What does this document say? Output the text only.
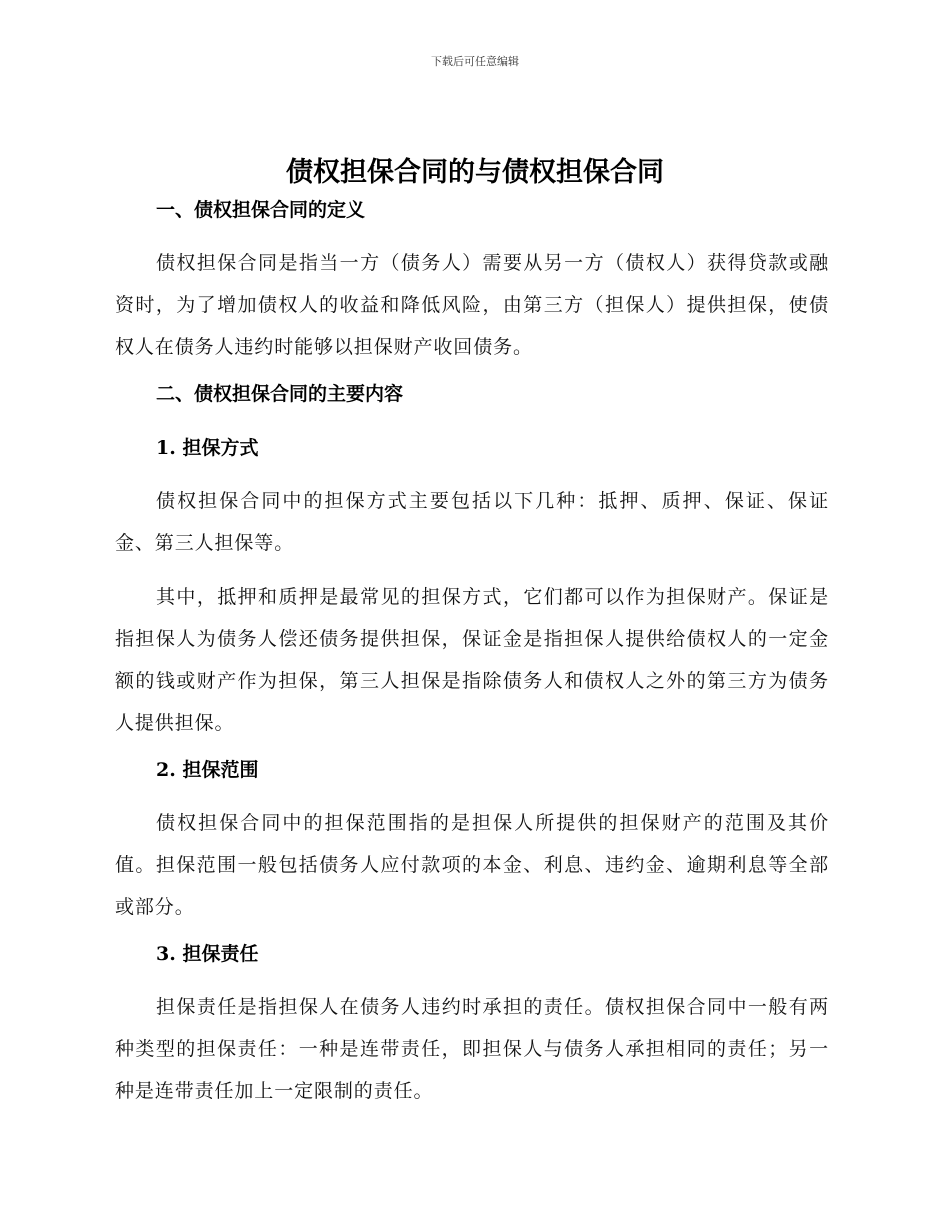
下载后可任意编辑
债权担保合同的与债权担保合同
一、债权担保合同的定义

债权担保合同是指当一方（债务人）需要从另一方（债权人）获得贷款或融资时，为了增加债权人的收益和降低风险，由第三方（担保人）提供担保，使债权人在债务人违约时能够以担保财产收回债务。

二、债权担保合同的主要内容
1. 担保方式

债权担保合同中的担保方式主要包括以下几种：抵押、质押、保证、保证金、第三人担保等。

其中，抵押和质押是最常见的担保方式，它们都可以作为担保财产。保证是指担保人为债务人偿还债务提供担保，保证金是指担保人提供给债权人的一定金额的钱或财产作为担保，第三人担保是指除债务人和债权人之外的第三方为债务人提供担保。

2. 担保范围

债权担保合同中的担保范围指的是担保人所提供的担保财产的范围及其价值。担保范围一般包括债务人应付款项的本金、利息、违约金、逾期利息等全部或部分。

3. 担保责任

担保责任是指担保人在债务人违约时承担的责任。债权担保合同中一般有两种类型的担保责任：一种是连带责任，即担保人与债务人承担相同的责任；另一种是连带责任加上一定限制的责任。
